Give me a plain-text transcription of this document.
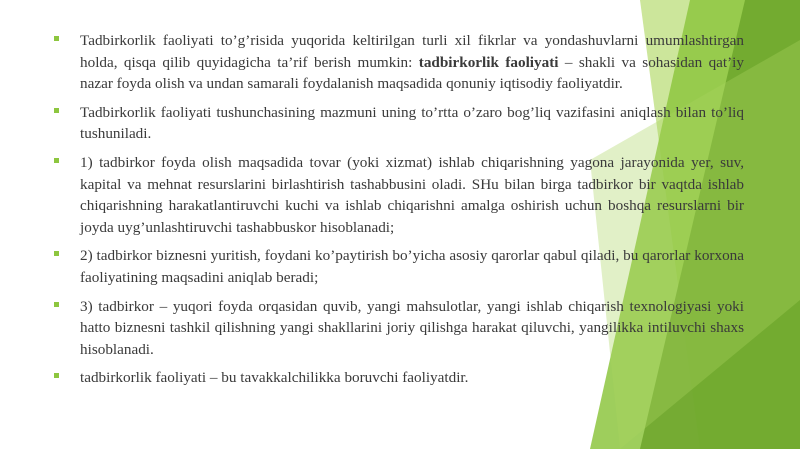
Tadbirkorlik faoliyati to’g’risida yuqorida keltirilgan turli xil fikrlar va yondashuvlarni umumlashtirgan holda, qisqa qilib quyidagicha ta’rif berish mumkin: tadbirkorlik faoliyati – shakli va sohasidan qat’iy nazar foyda olish va undan samarali foydalanish maqsadida qonuniy iqtisodiy faoliyatdir.

Tadbirkorlik faoliyati tushunchasining mazmuni uning to’rtta o’zaro bog’liq vazifasini aniqlash bilan to’liq tushuniladi.

1) tadbirkor foyda olish maqsadida tovar (yoki xizmat) ishlab chiqarishning yagona jarayonida yer, suv, kapital va mehnat resurslarini birlashtirish tashabbusini oladi. SHu bilan birga tadbirkor bir vaqtda ishlab chiqarishning harakatlantiruvchi kuchi va ishlab chiqarishni amalga oshirish uchun boshqa resurslarni bir joyda uyg’unlashtiruvchi tashabbuskor hisoblanadi;

2) tadbirkor biznesni yuritish, foydani ko’paytirish bo’yicha asosiy qarorlar qabul qiladi, bu qarorlar korxona faoliyatining maqsadini aniqlab beradi;

3) tadbirkor – yuqori foyda orqasidan quvib, yangi mahsulotlar, yangi ishlab chiqarish texnologiyasi yoki hatto biznesni tashkil qilishning yangi shakllarini joriy qilishga harakat qiluvchi, yangilikka intiluvchi shaxs hisoblanadi.

tadbirkorlik faoliyati – bu tavakkalchilikka boruvchi faoliyatdir.
